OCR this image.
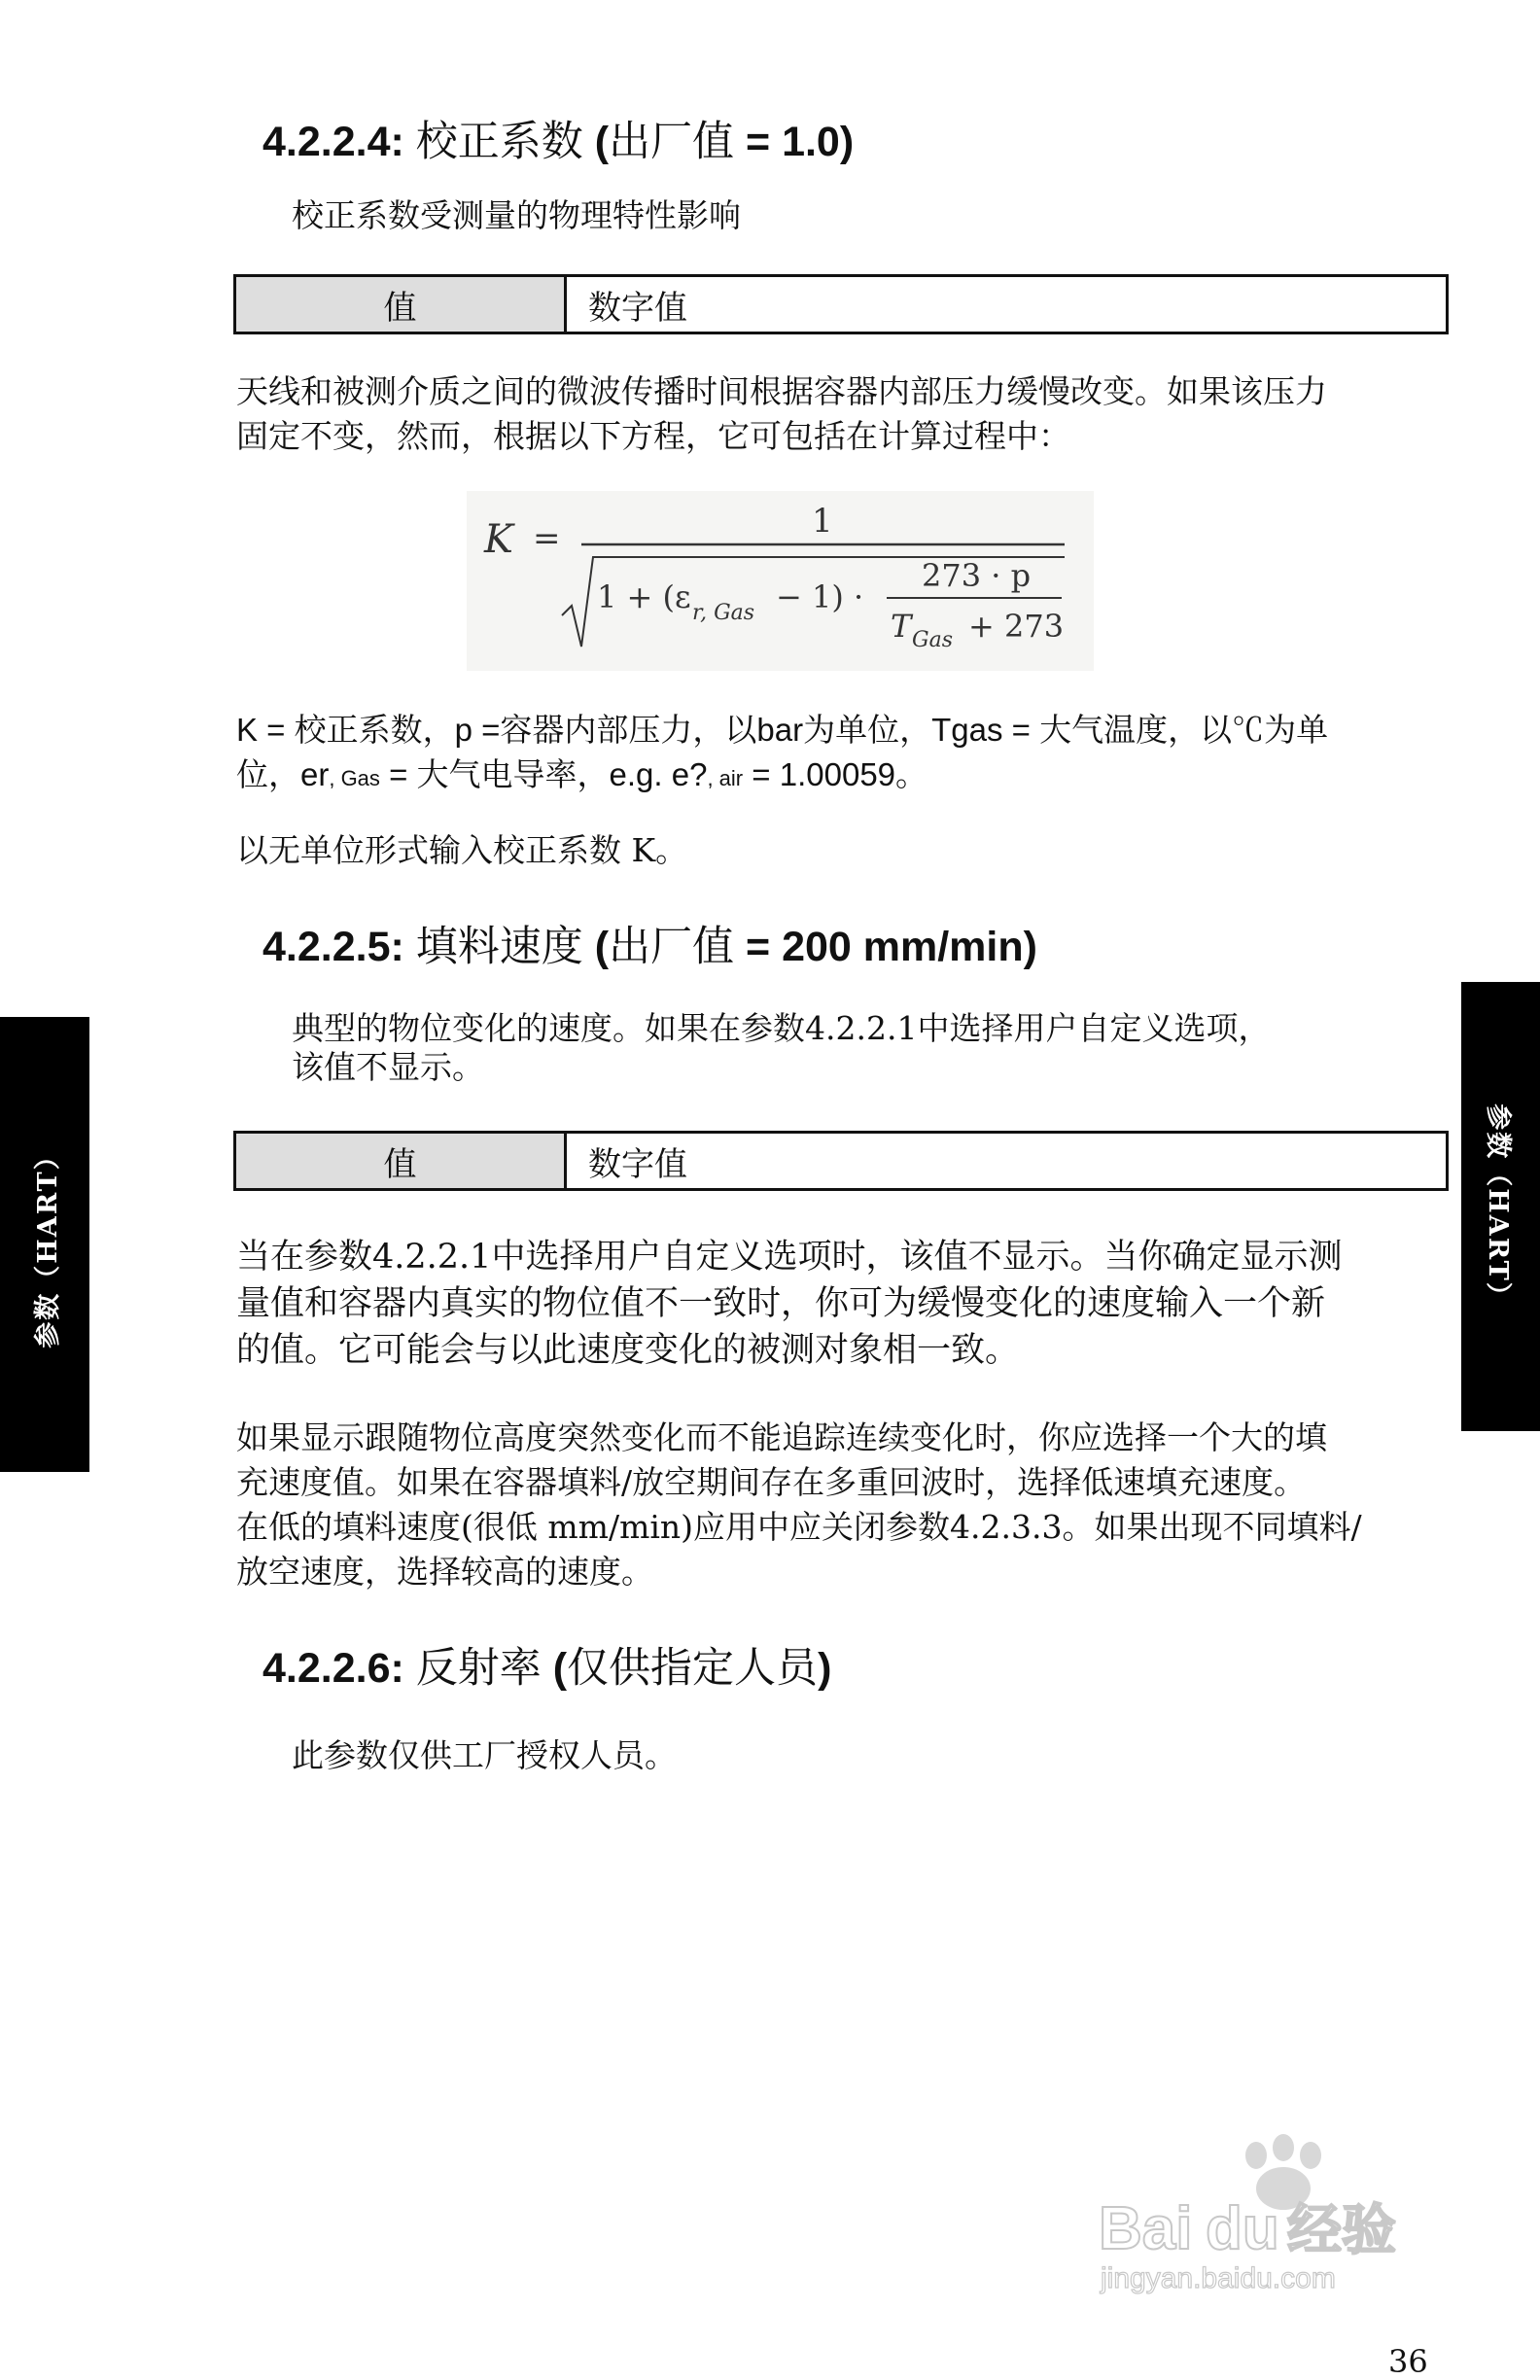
4.2.2.4: 校正系数 (出厂值 = 1.0)

校正系数受测量的物理特性影响

值	数字值

天线和被测介质之间的微波传播时间根据容器内部压力缓慢改变。如果该压力

固定不变，然而，根据以下方程，它可包括在计算过程中：

K =	1
1 + (ε r, Gas − 1) ·
273 · p
T Gas + 273

K = 校正系数，p =容器内部压力，以bar为单位，Tgas = 大气温度，以℃为单

位，er, Gas = 大气电导率，e.g. e?, air = 1.00059。

以无单位形式输入校正系数 K。

4.2.2.5: 填料速度 (出厂值 = 200 mm/min)

典型的物位变化的速度。如果在参数4.2.2.1中选择用户自定义选项，

该值不显示。

值	数字值

当在参数4.2.2.1中选择用户自定义选项时，该值不显示。当你确定显示测

量值和容器内真实的物位值不一致时，你可为缓慢变化的速度输入一个新

的值。它可能会与以此速度变化的被测对象相一致。

如果显示跟随物位高度突然变化而不能追踪连续变化时，你应选择一个大的填

充速度值。如果在容器填料/放空期间存在多重回波时，选择低速填充速度。

在低的填料速度(很低 mm/min)应用中应关闭参数4.2.3.3。如果出现不同填料/

放空速度，选择较高的速度。

4.2.2.6: 反射率 (仅供指定人员)

此参数仅供工厂授权人员。

参数（HART）	参数（HART）
Bai du 经验
jingyan.baidu.com
36
